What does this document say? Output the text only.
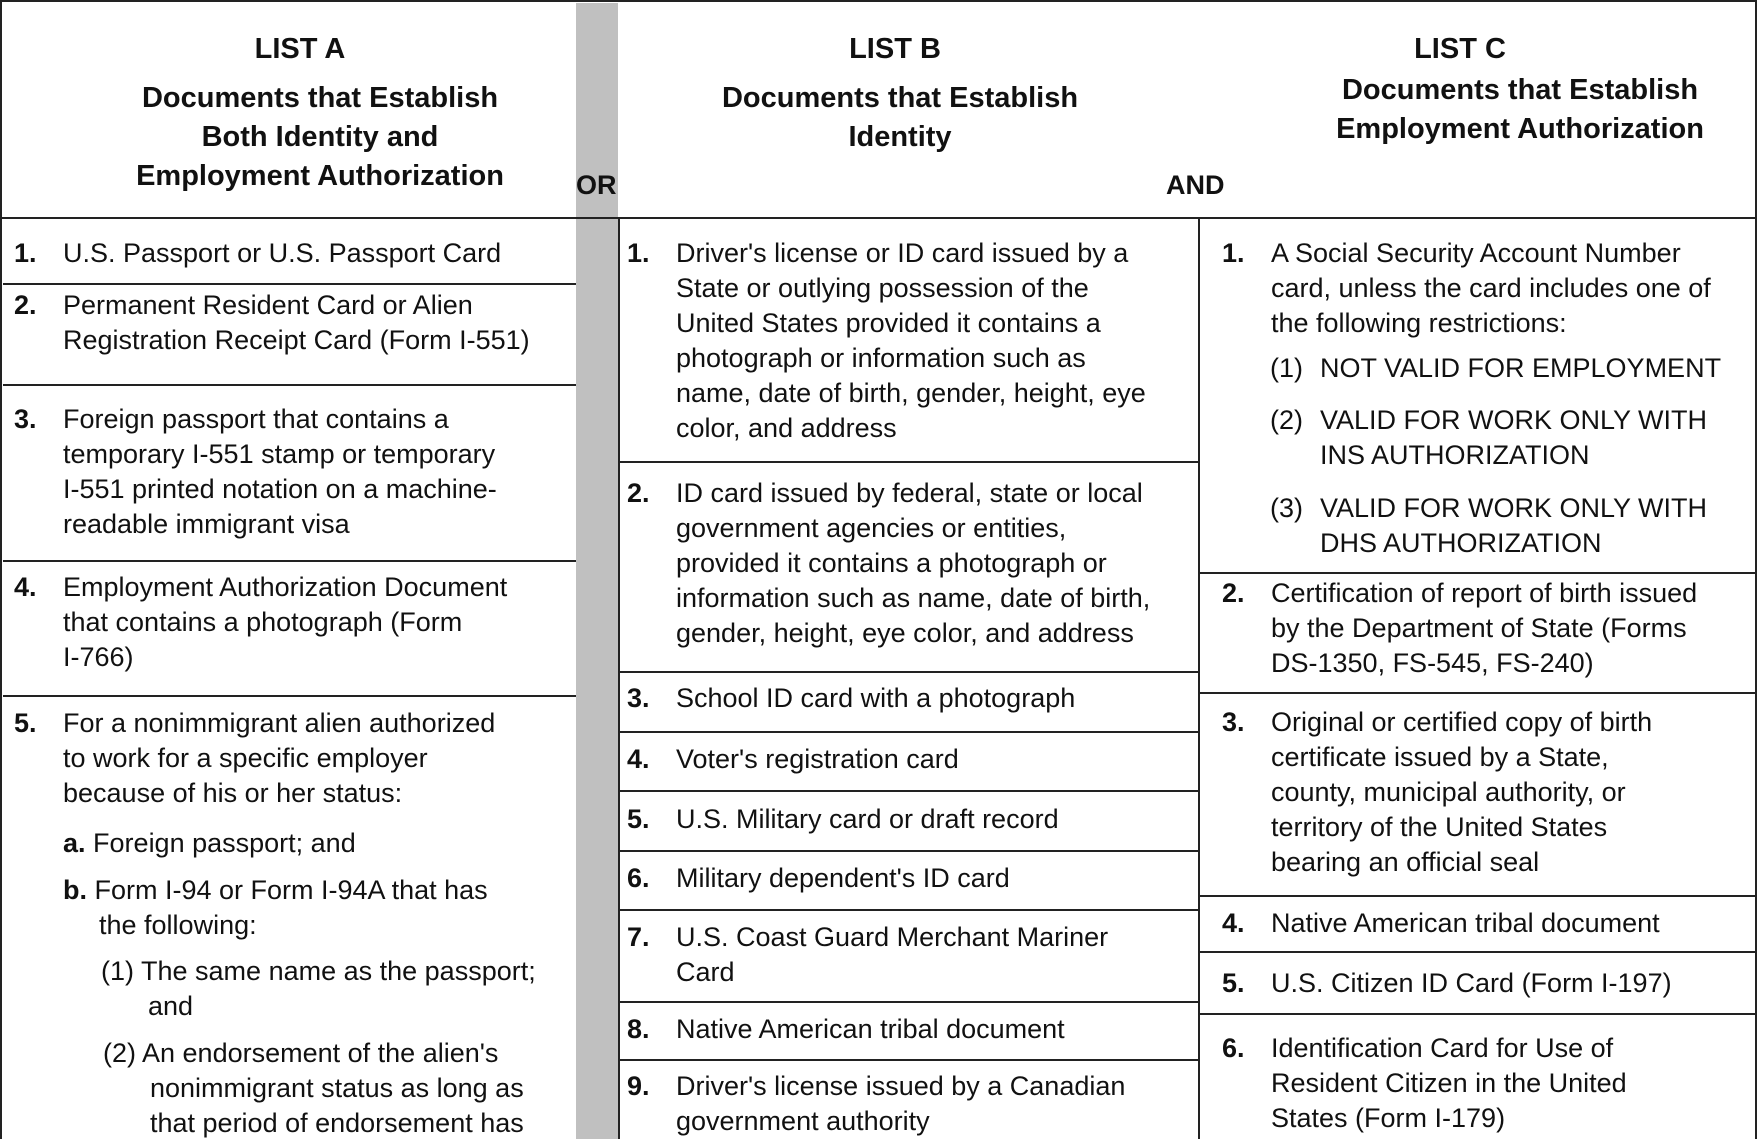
LIST A
Documents that Establish
Both Identity and
Employment Authorization
LIST B
Documents that Establish
Identity
LIST C
Documents that Establish
Employment Authorization
OR	AND
1. U.S. Passport or U.S. Passport Card
2. Permanent Resident Card or Alien
Registration Receipt Card (Form I-551)
3. Foreign passport that contains a
temporary I-551 stamp or temporary
I-551 printed notation on a machine-
readable immigrant visa
4. Employment Authorization Document
that contains a photograph (Form
I-766)
5. For a nonimmigrant alien authorized
to work for a specific employer
because of his or her status:
a. Foreign passport; and
b. Form I-94 or Form I-94A that has
the following:
(1) The same name as the passport;
and
(2) An endorsement of the alien's
nonimmigrant status as long as
that period of endorsement has
1. Driver's license or ID card issued by a
State or outlying possession of the
United States provided it contains a
photograph or information such as
name, date of birth, gender, height, eye
color, and address
2. ID card issued by federal, state or local
government agencies or entities,
provided it contains a photograph or
information such as name, date of birth,
gender, height, eye color, and address
3. School ID card with a photograph
4. Voter's registration card
5. U.S. Military card or draft record
6. Military dependent's ID card
7. U.S. Coast Guard Merchant Mariner
Card
8. Native American tribal document
9. Driver's license issued by a Canadian
government authority
1. A Social Security Account Number
card, unless the card includes one of
the following restrictions:
(1) NOT VALID FOR EMPLOYMENT
(2) VALID FOR WORK ONLY WITH
INS AUTHORIZATION
(3) VALID FOR WORK ONLY WITH
DHS AUTHORIZATION
2. Certification of report of birth issued
by the Department of State (Forms
DS-1350, FS-545, FS-240)
3. Original or certified copy of birth
certificate issued by a State,
county, municipal authority, or
territory of the United States
bearing an official seal
4. Native American tribal document
5. U.S. Citizen ID Card (Form I-197)
6. Identification Card for Use of
Resident Citizen in the United
States (Form I-179)
